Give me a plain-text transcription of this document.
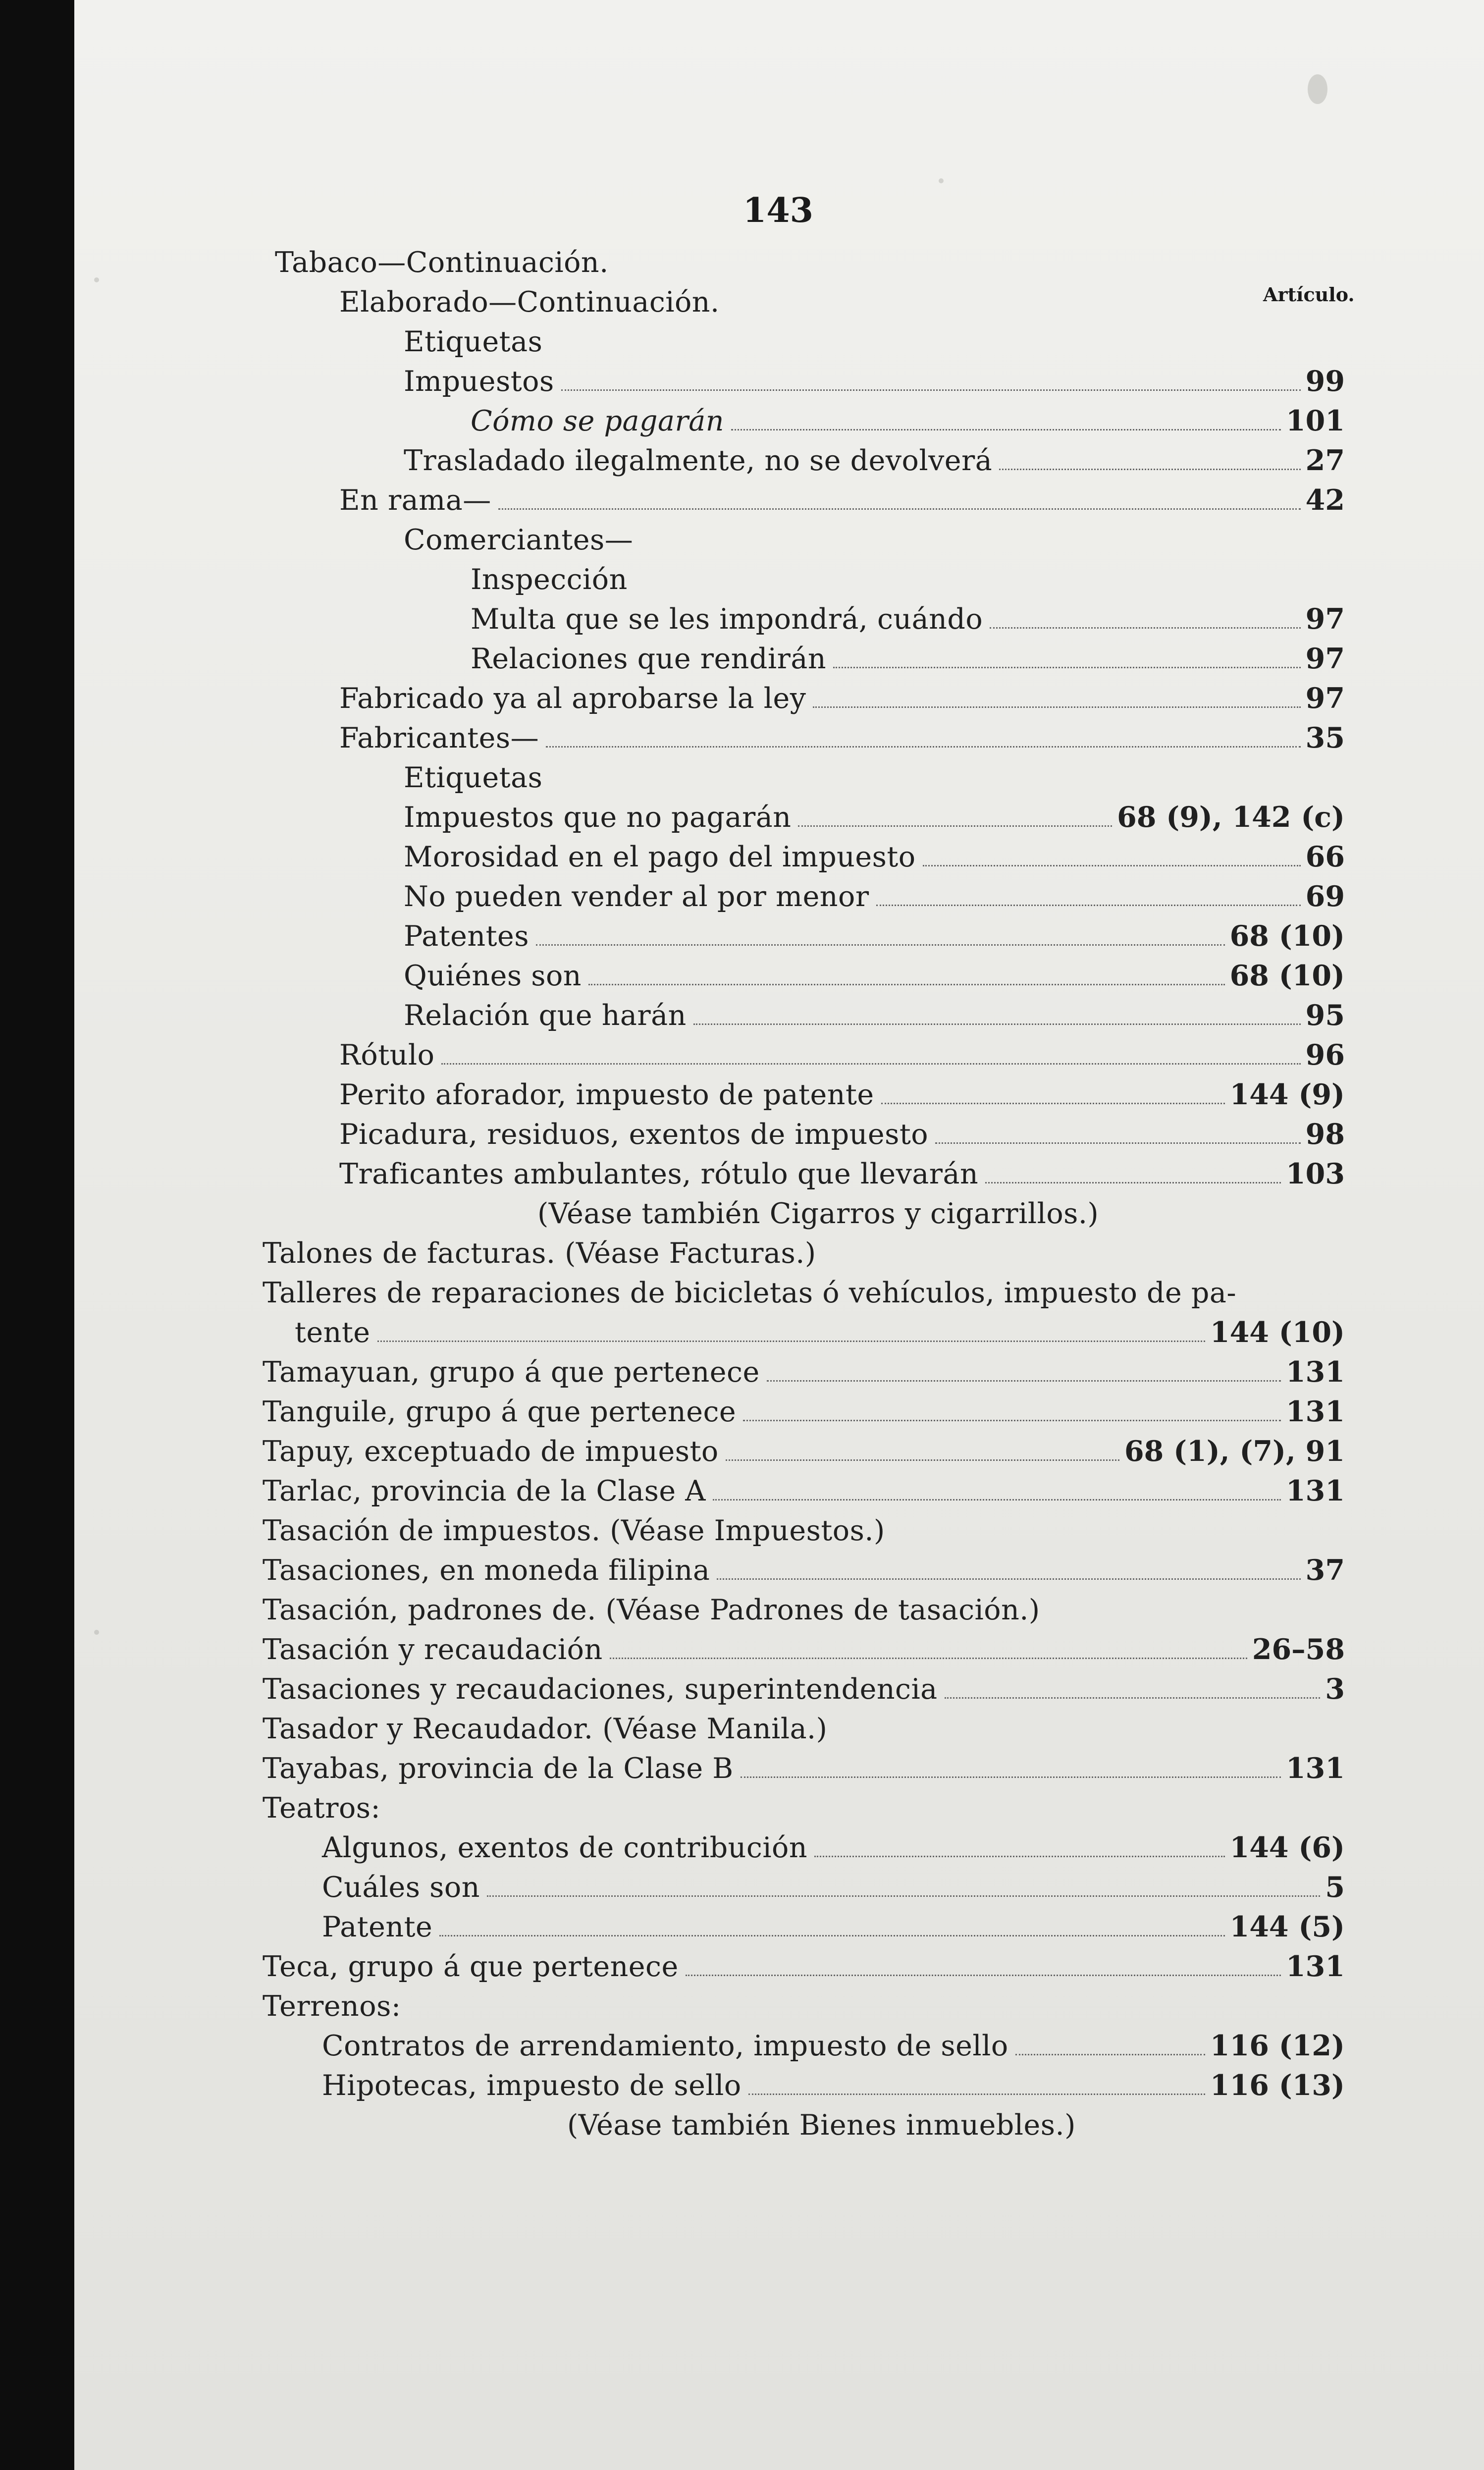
143
Artículo.
Tabaco—Continuación.
Elaborado—Continuación.
Etiquetas
Impuestos	99
Cómo se pagarán	101
Trasladado ilegalmente, no se devolverá	27
En rama—	42
Comerciantes—
Inspección
Multa que se les impondrá, cuándo	97
Relaciones que rendirán	97
Fabricado ya al aprobarse la ley	97
Fabricantes—	35
Etiquetas
Impuestos que no pagarán	68 (9), 142 (c)
Morosidad en el pago del impuesto	66
No pueden vender al por menor	69
Patentes	68 (10)
Quiénes son	68 (10)
Relación que harán	95
Rótulo	96
Perito aforador, impuesto de patente	144 (9)
Picadura, residuos, exentos de impuesto	98
Traficantes ambulantes, rótulo que llevarán	103
(Véase también Cigarros y cigarrillos.)
Talones de facturas. (Véase Facturas.)
Talleres de reparaciones de bicicletas ó vehículos, impuesto de pa-
tente	144 (10)
Tamayuan, grupo á que pertenece	131
Tanguile, grupo á que pertenece	131
Tapuy, exceptuado de impuesto	68 (1), (7), 91
Tarlac, provincia de la Clase A	131
Tasación de impuestos. (Véase Impuestos.)
Tasaciones, en moneda filipina	37
Tasación, padrones de. (Véase Padrones de tasación.)
Tasación y recaudación	26–58
Tasaciones y recaudaciones, superintendencia	3
Tasador y Recaudador. (Véase Manila.)
Tayabas, provincia de la Clase B	131
Teatros:
Algunos, exentos de contribución	144 (6)
Cuáles son	5
Patente	144 (5)
Teca, grupo á que pertenece	131
Terrenos:
Contratos de arrendamiento, impuesto de sello	116 (12)
Hipotecas, impuesto de sello	116 (13)
(Véase también Bienes inmuebles.)
